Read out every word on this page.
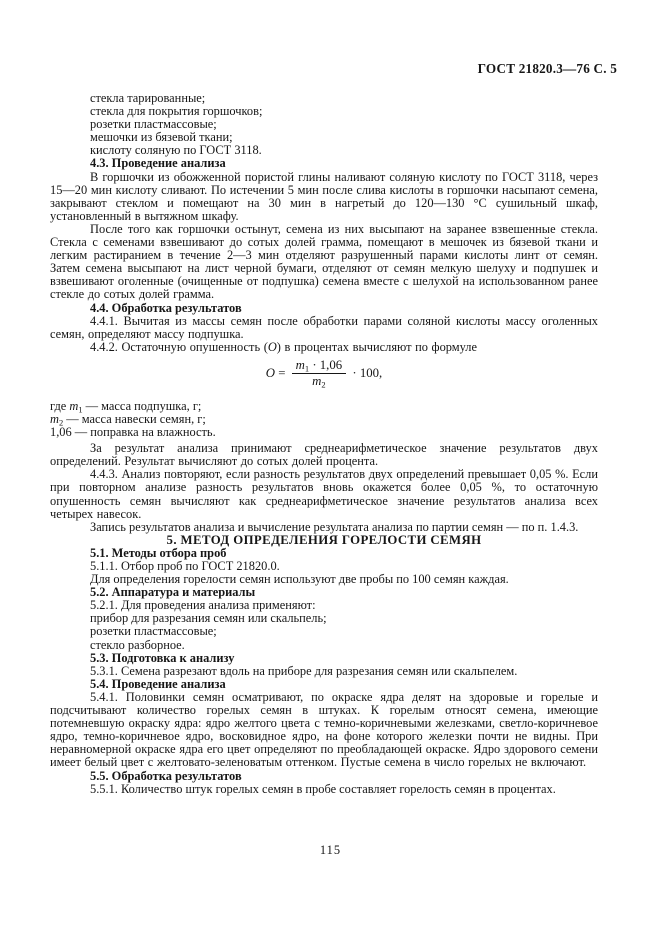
ГОСТ 21820.3—76 С. 5

стекла тарированные;

стекла для покрытия горшочков;

розетки пластмассовые;

мешочки из бязевой ткани;

кислоту соляную по ГОСТ 3118.

4.3. Проведение анализа

В горшочки из обожженной пористой глины наливают соляную кислоту по ГОСТ 3118, через 15—20 мин кислоту сливают. По истечении 5 мин после слива кислоты в горшочки насыпают семена, закрывают стеклом и помещают на 30 мин в нагретый до 120—130 °С сушильный шкаф, установленный в вытяжном шкафу.

После того как горшочки остынут, семена из них высыпают на заранее взвешенные стекла. Стекла с семенами взвешивают до сотых долей грамма, помещают в мешочек из бязевой ткани и легким растиранием в течение 2—3 мин отделяют разрушенный парами кислоты линт от семян. Затем семена высыпают на лист черной бумаги, отделяют от семян мелкую шелуху и подпушек и взвешивают оголенные (очищенные от подпушка) семена вместе с шелухой на использованном ранее стекле до сотых долей грамма.

4.4. Обработка результатов

4.4.1. Вычитая из массы семян после обработки парами соляной кислоты массу оголенных семян, определяют массу подпушка.

4.4.2. Остаточную опушенность (О) в процентах вычисляют по формуле

$O = \frac{m_1 \cdot 1,06}{m_2} \cdot 100$,

где $m_1$ — масса подпушка, г;

$m_2$ — масса навески семян, г;

1,06 — поправка на влажность.

За результат анализа принимают среднеарифметическое значение результатов двух определений. Результат вычисляют до сотых долей процента.

4.4.3. Анализ повторяют, если разность результатов двух определений превышает 0,05 %. Если при повторном анализе разность результатов вновь окажется более 0,05 %, то остаточную опушенность семян вычисляют как среднеарифметическое значение результатов анализа всех четырех навесок.

Запись результатов анализа и вычисление результата анализа по партии семян — по п. 1.4.3.

5. МЕТОД ОПРЕДЕЛЕНИЯ ГОРЕЛОСТИ СЕМЯН

5.1. Методы отбора проб

5.1.1. Отбор проб по ГОСТ 21820.0.

Для определения горелости семян используют две пробы по 100 семян каждая.

5.2. Аппаратура и материалы

5.2.1. Для проведения анализа применяют:

прибор для разрезания семян или скальпель;

розетки пластмассовые;

стекло разборное.

5.3. Подготовка к анализу

5.3.1. Семена разрезают вдоль на приборе для разрезания семян или скальпелем.

5.4. Проведение анализа

5.4.1. Половинки семян осматривают, по окраске ядра делят на здоровые и горелые и подсчитывают количество горелых семян в штуках. К горелым относят семена, имеющие потемневшую окраску ядра: ядро желтого цвета с темно-коричневыми железками, светло-коричневое ядро, темно-коричневое ядро, восковидное ядро, на фоне которого железки почти не видны. При неравномерной окраске ядра его цвет определяют по преобладающей окраске. Ядро здорового семени имеет белый цвет с желтовато-зеленоватым оттенком. Пустые семена в число горелых не включают.

5.5. Обработка результатов

5.5.1. Количество штук горелых семян в пробе составляет горелость семян в процентах.

115
